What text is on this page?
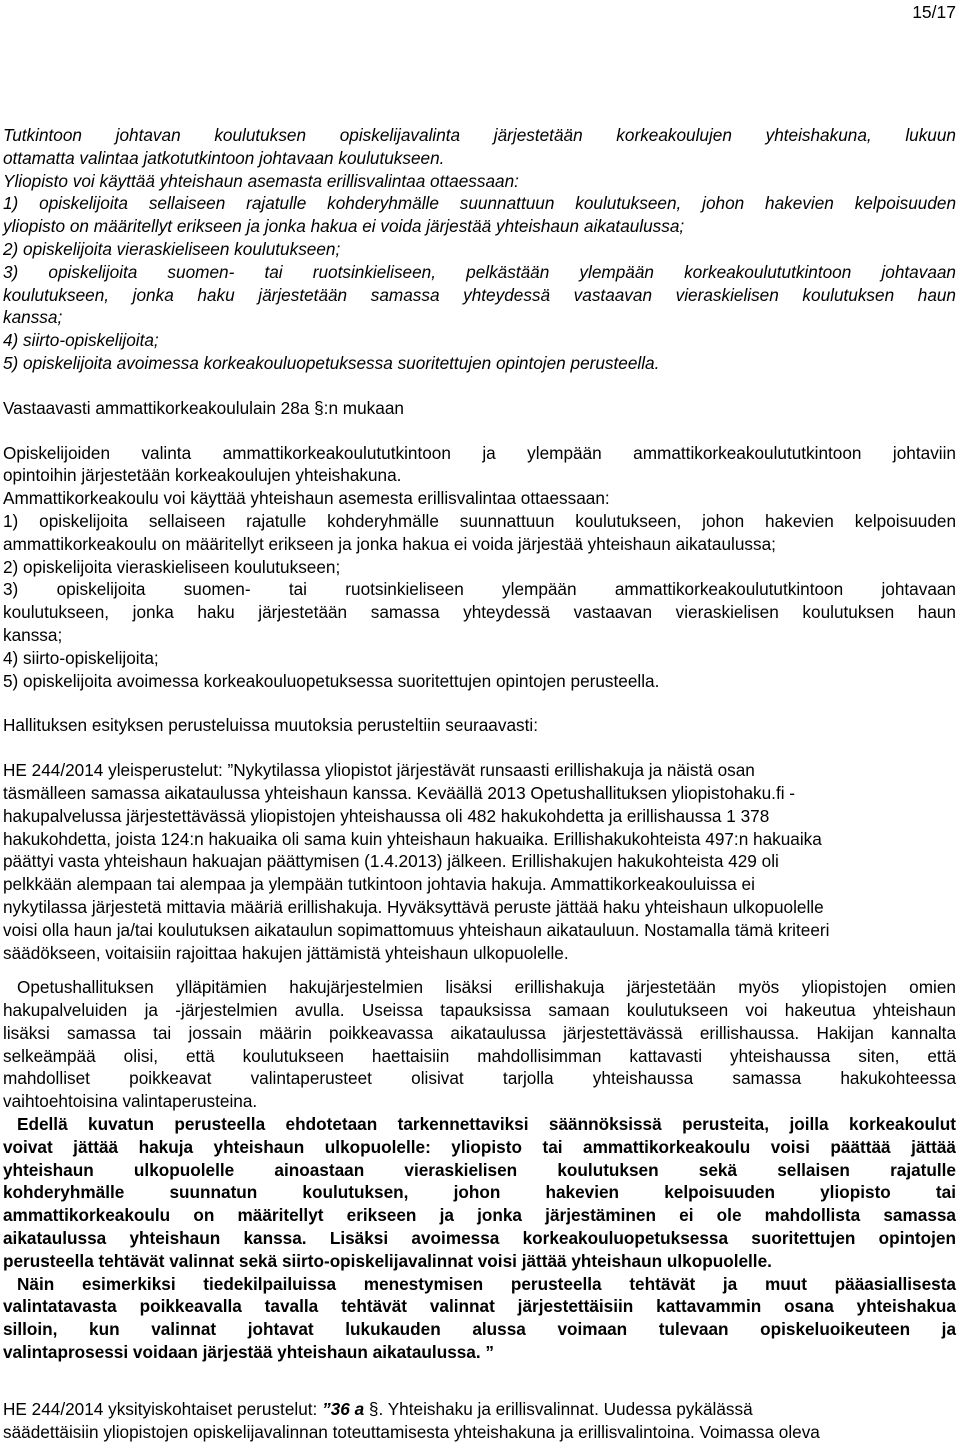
15/17
Tutkintoon johtavan koulutuksen opiskelijavalinta järjestetään korkeakoulujen yhteishakuna, lukuun
ottamatta valintaa jatkotutkintoon johtavaan koulutukseen.
Yliopisto voi käyttää yhteishaun asemasta erillisvalintaa ottaessaan:
1) opiskelijoita sellaiseen rajatulle kohderyhmälle suunnattuun koulutukseen, johon hakevien kelpoisuuden
yliopisto on määritellyt erikseen ja jonka hakua ei voida järjestää yhteishaun aikataulussa;
2) opiskelijoita vieraskieliseen koulutukseen;
3) opiskelijoita suomen- tai ruotsinkieliseen, pelkästään ylempään korkeakoulututkintoon johtavaan
koulutukseen, jonka haku järjestetään samassa yhteydessä vastaavan vieraskielisen koulutuksen haun
kanssa;
4) siirto-opiskelijoita;
5) opiskelijoita avoimessa korkeakouluopetuksessa suoritettujen opintojen perusteella.
Vastaavasti ammattikorkeakoululain 28a §:n mukaan
Opiskelijoiden valinta ammattikorkeakoulututkintoon ja ylempään ammattikorkeakoulututkintoon johtaviin
opintoihin järjestetään korkeakoulujen yhteishakuna.
Ammattikorkeakoulu voi käyttää yhteishaun asemesta erillisvalintaa ottaessaan:
1) opiskelijoita sellaiseen rajatulle kohderyhmälle suunnattuun koulutukseen, johon hakevien kelpoisuuden
ammattikorkeakoulu on määritellyt erikseen ja jonka hakua ei voida järjestää yhteishaun aikataulussa;
2) opiskelijoita vieraskieliseen koulutukseen;
3) opiskelijoita suomen- tai ruotsinkieliseen ylempään ammattikorkeakoulututkintoon johtavaan
koulutukseen, jonka haku järjestetään samassa yhteydessä vastaavan vieraskielisen koulutuksen haun
kanssa;
4) siirto-opiskelijoita;
5) opiskelijoita avoimessa korkeakouluopetuksessa suoritettujen opintojen perusteella.
Hallituksen esityksen perusteluissa muutoksia perusteltiin seuraavasti:
HE 244/2014 yleisperustelut: ”Nykytilassa yliopistot järjestävät runsaasti erillishakuja ja näistä osan
täsmälleen samassa aikataulussa yhteishaun kanssa. Keväällä 2013 Opetushallituksen yliopistohaku.fi -
hakupalvelussa järjestettävässä yliopistojen yhteishaussa oli 482 hakukohdetta ja erillishaussa 1 378
hakukohdetta, joista 124:n hakuaika oli sama kuin yhteishaun hakuaika. Erillishakukohteista 497:n hakuaika
päättyi vasta yhteishaun hakuajan päättymisen (1.4.2013) jälkeen. Erillishakujen hakukohteista 429 oli
pelkkään alempaan tai alempaa ja ylempään tutkintoon johtavia hakuja. Ammattikorkeakouluissa ei
nykytilassa järjestetä mittavia määriä erillishakuja. Hyväksyttävä peruste jättää haku yhteishaun ulkopuolelle
voisi olla haun ja/tai koulutuksen aikataulun sopimattomuus yhteishaun aikatauluun. Nostamalla tämä kriteeri
säädökseen, voitaisiin rajoittaa hakujen jättämistä yhteishaun ulkopuolelle.
Opetushallituksen ylläpitämien hakujärjestelmien lisäksi erillishakuja järjestetään myös yliopistojen omien
hakupalveluiden ja -järjestelmien avulla. Useissa tapauksissa samaan koulutukseen voi hakeutua yhteishaun
lisäksi samassa tai jossain määrin poikkeavassa aikataulussa järjestettävässä erillishaussa. Hakijan kannalta
selkeämpää olisi, että koulutukseen haettaisiin mahdollisimman kattavasti yhteishaussa siten, että
mahdolliset poikkeavat valintaperusteet olisivat tarjolla yhteishaussa samassa hakukohteessa
vaihtoehtoisina valintaperusteina.
Edellä kuvatun perusteella ehdotetaan tarkennettaviksi säännöksissä perusteita, joilla korkeakoulut
voivat jättää hakuja yhteishaun ulkopuolelle: yliopisto tai ammattikorkeakoulu voisi päättää jättää
yhteishaun ulkopuolelle ainoastaan vieraskielisen koulutuksen sekä sellaisen rajatulle
kohderyhmälle suunnatun koulutuksen, johon hakevien kelpoisuuden yliopisto tai
ammattikorkeakoulu on määritellyt erikseen ja jonka järjestäminen ei ole mahdollista samassa
aikataulussa yhteishaun kanssa. Lisäksi avoimessa korkeakouluopetuksessa suoritettujen opintojen
perusteella tehtävät valinnat sekä siirto-opiskelijavalinnat voisi jättää yhteishaun ulkopuolelle.
Näin esimerkiksi tiedekilpailuissa menestymisen perusteella tehtävät ja muut pääasiallisesta
valintatavasta poikkeavalla tavalla tehtävät valinnat järjestettäisiin kattavammin osana yhteishakua
silloin, kun valinnat johtavat lukukauden alussa voimaan tulevaan opiskeluoikeuteen ja
valintaprosessi voidaan järjestää yhteishaun aikataulussa. ”
HE 244/2014 yksityiskohtaiset perustelut: ”36 a §. Yhteishaku ja erillisvalinnat. Uudessa pykälässä
säädettäisiin yliopistojen opiskelijavalinnan toteuttamisesta yhteishakuna ja erillisvalintoina. Voimassa oleva
